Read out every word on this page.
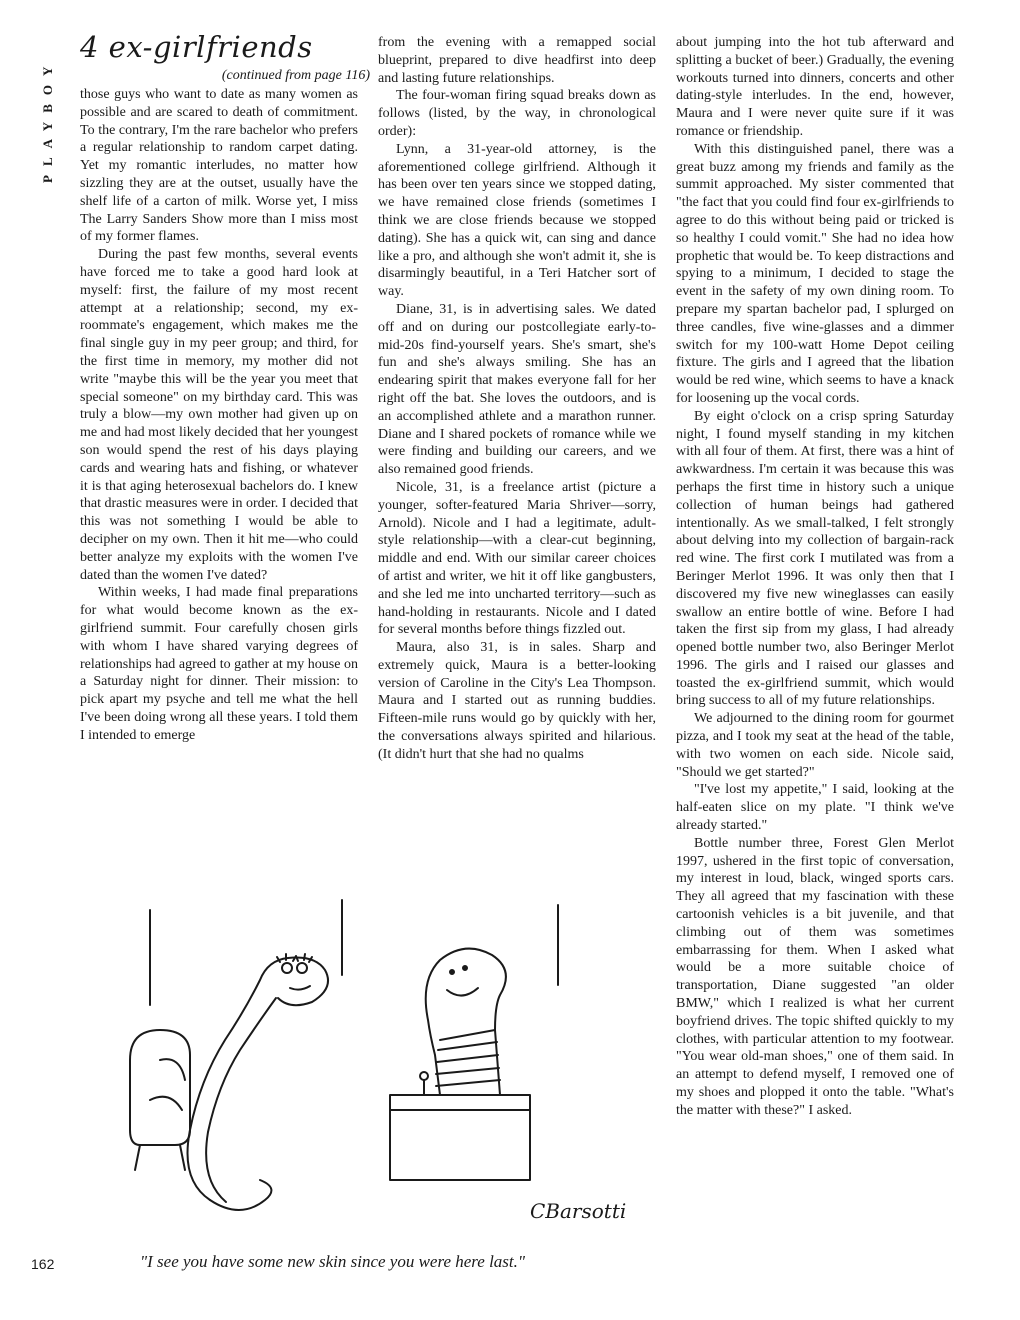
PLAYBOY
4 ex-girlfriends
(continued from page 116)

those guys who want to date as many women as possible and are scared to death of commitment. To the contrary, I'm the rare bachelor who prefers a regular relationship to random carpet dating. Yet my romantic interludes, no matter how sizzling they are at the outset, usually have the shelf life of a carton of milk. Worse yet, I miss The Larry Sanders Show more than I miss most of my former flames.

During the past few months, several events have forced me to take a good hard look at myself: first, the failure of my most recent attempt at a relationship; second, my ex-roommate's engagement, which makes me the final single guy in my peer group; and third, for the first time in memory, my mother did not write "maybe this will be the year you meet that special someone" on my birthday card. This was truly a blow—my own mother had given up on me and had most likely decided that her youngest son would spend the rest of his days playing cards and wearing hats and fishing, or whatever it is that aging heterosexual bachelors do. I knew that drastic measures were in order. I decided that this was not something I would be able to decipher on my own. Then it hit me—who could better analyze my exploits with the women I've dated than the women I've dated?

Within weeks, I had made final preparations for what would become known as the ex-girlfriend summit. Four carefully chosen girls with whom I have shared varying degrees of relationships had agreed to gather at my house on a Saturday night for dinner. Their mission: to pick apart my psyche and tell me what the hell I've been doing wrong all these years. I told them I intended to emerge

from the evening with a remapped social blueprint, prepared to dive headfirst into deep and lasting future relationships.

The four-woman firing squad breaks down as follows (listed, by the way, in chronological order):

Lynn, a 31-year-old attorney, is the aforementioned college girlfriend. Although it has been over ten years since we stopped dating, we have remained close friends (sometimes I think we are close friends because we stopped dating). She has a quick wit, can sing and dance like a pro, and although she won't admit it, she is disarmingly beautiful, in a Teri Hatcher sort of way.

Diane, 31, is in advertising sales. We dated off and on during our postcollegiate early-to-mid-20s find-yourself years. She's smart, she's fun and she's always smiling. She has an endearing spirit that makes everyone fall for her right off the bat. She loves the outdoors, and is an accomplished athlete and a marathon runner. Diane and I shared pockets of romance while we were finding and building our careers, and we also remained good friends.

Nicole, 31, is a freelance artist (picture a younger, softer-featured Maria Shriver—sorry, Arnold). Nicole and I had a legitimate, adult-style relationship—with a clear-cut beginning, middle and end. With our similar career choices of artist and writer, we hit it off like gangbusters, and she led me into uncharted territory—such as hand-holding in restaurants. Nicole and I dated for several months before things fizzled out.

Maura, also 31, is in sales. Sharp and extremely quick, Maura is a better-looking version of Caroline in the City's Lea Thompson. Maura and I started out as running buddies. Fifteen-mile runs would go by quickly with her, the conversations always spirited and hilarious. (It didn't hurt that she had no qualms

about jumping into the hot tub afterward and splitting a bucket of beer.) Gradually, the evening workouts turned into dinners, concerts and other dating-style interludes. In the end, however, Maura and I were never quite sure if it was romance or friendship.

With this distinguished panel, there was a great buzz among my friends and family as the summit approached. My sister commented that "the fact that you could find four ex-girlfriends to agree to do this without being paid or tricked is so healthy I could vomit." She had no idea how prophetic that would be. To keep distractions and spying to a minimum, I decided to stage the event in the safety of my own dining room. To prepare my spartan bachelor pad, I splurged on three candles, five wine-glasses and a dimmer switch for my 100-watt Home Depot ceiling fixture. The girls and I agreed that the libation would be red wine, which seems to have a knack for loosening up the vocal cords.

By eight o'clock on a crisp spring Saturday night, I found myself standing in my kitchen with all four of them. At first, there was a hint of awkwardness. I'm certain it was because this was perhaps the first time in history such a unique collection of human beings had gathered intentionally. As we small-talked, I felt strongly about delving into my collection of bargain-rack red wine. The first cork I mutilated was from a Beringer Merlot 1996. It was only then that I discovered my five new wineglasses can easily swallow an entire bottle of wine. Before I had taken the first sip from my glass, I had already opened bottle number two, also Beringer Merlot 1996. The girls and I raised our glasses and toasted the ex-girlfriend summit, which would bring success to all of my future relationships.

We adjourned to the dining room for gourmet pizza, and I took my seat at the head of the table, with two women on each side. Nicole said, "Should we get started?"

"I've lost my appetite," I said, looking at the half-eaten slice on my plate. "I think we've already started."

Bottle number three, Forest Glen Merlot 1997, ushered in the first topic of conversation, my interest in loud, black, winged sports cars. They all agreed that my fascination with these cartoonish vehicles is a bit juvenile, and that climbing out of them was sometimes embarrassing for them. When I asked what would be a more suitable choice of transportation, Diane suggested "an older BMW," which I realized is what her current boyfriend drives. The topic shifted quickly to my clothes, with particular attention to my footwear. "You wear old-man shoes," one of them said. In an attempt to defend myself, I removed one of my shoes and plopped it onto the table. "What's the matter with these?" I asked.

CBarsotti
"I see you have some new skin since you were here last."
162
